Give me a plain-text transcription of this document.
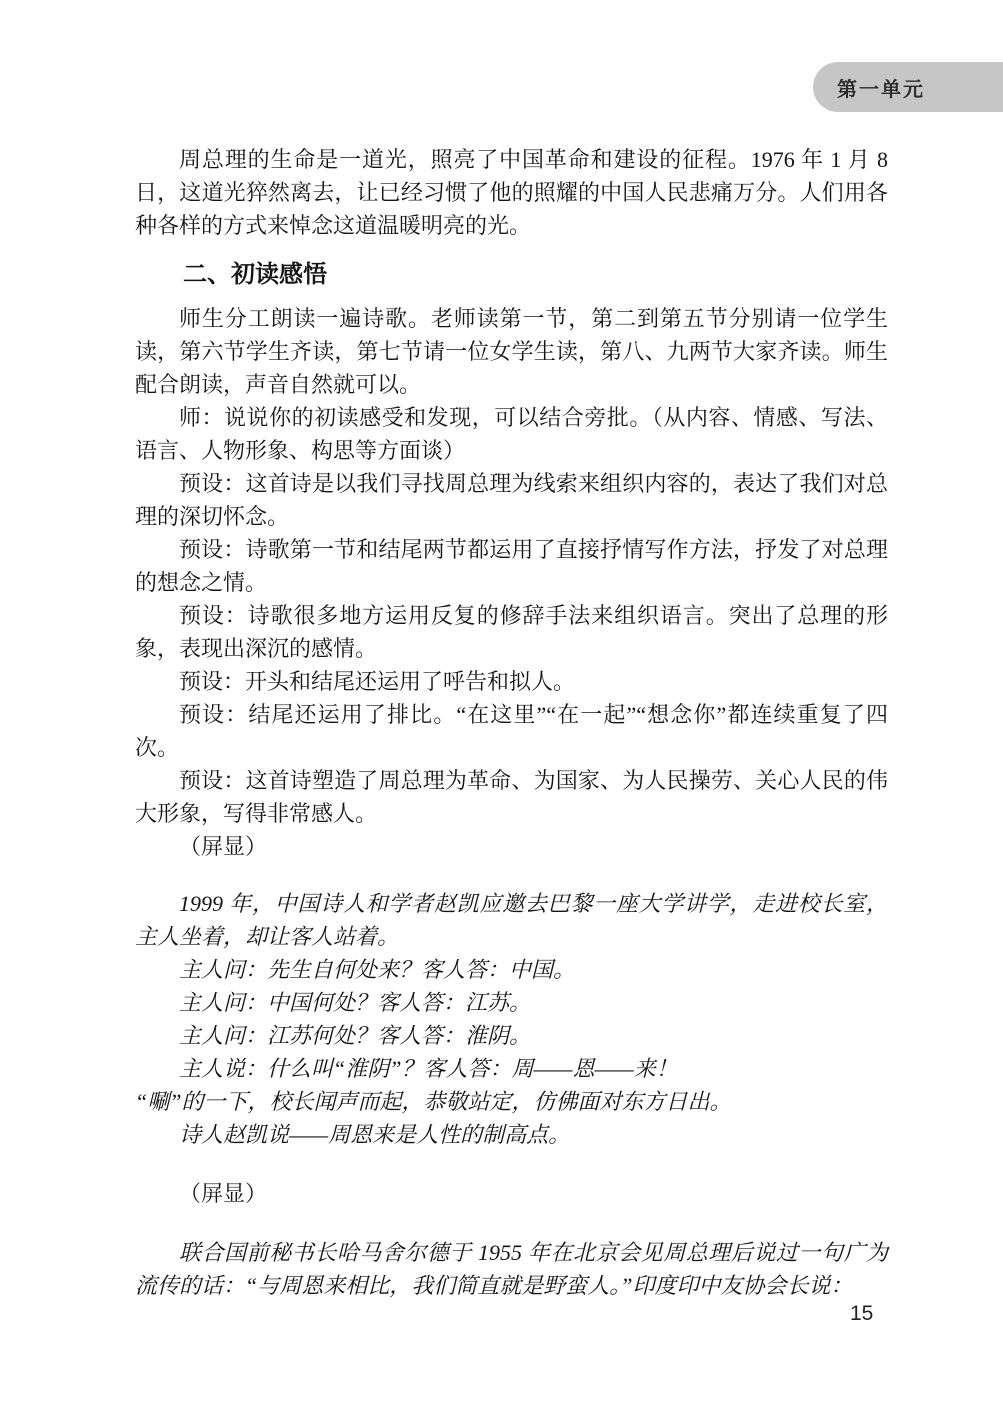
第一单元

周总理的生命是一道光，照亮了中国革命和建设的征程。1976 年 1 月 8 日，这道光猝然离去，让已经习惯了他的照耀的中国人民悲痛万分。人们用各种各样的方式来悼念这道温暖明亮的光。

二、初读感悟

师生分工朗读一遍诗歌。老师读第一节，第二到第五节分别请一位学生读，第六节学生齐读，第七节请一位女学生读，第八、九两节大家齐读。师生配合朗读，声音自然就可以。

师：说说你的初读感受和发现，可以结合旁批。（从内容、情感、写法、语言、人物形象、构思等方面谈）

预设：这首诗是以我们寻找周总理为线索来组织内容的，表达了我们对总理的深切怀念。

预设：诗歌第一节和结尾两节都运用了直接抒情写作方法，抒发了对总理的想念之情。

预设：诗歌很多地方运用反复的修辞手法来组织语言。突出了总理的形象，表现出深沉的感情。

预设：开头和结尾还运用了呼告和拟人。

预设：结尾还运用了排比。“在这里”“在一起”“想念你”都连续重复了四次。

预设：这首诗塑造了周总理为革命、为国家、为人民操劳、关心人民的伟大形象，写得非常感人。

（屏显）

1999 年，中国诗人和学者赵凯应邀去巴黎一座大学讲学，走进校长室，主人坐着，却让客人站着。

主人问：先生自何处来？客人答：中国。

主人问：中国何处？客人答：江苏。

主人问：江苏何处？客人答：淮阴。

主人说：什么叫“淮阴”？客人答：周——恩——来！

“唰”的一下，校长闻声而起，恭敬站定，仿佛面对东方日出。

诗人赵凯说——周恩来是人性的制高点。

（屏显）

联合国前秘书长哈马舍尔德于 1955 年在北京会见周总理后说过一句广为流传的话：“与周恩来相比，我们简直就是野蛮人。”印度印中友协会长说：

15
